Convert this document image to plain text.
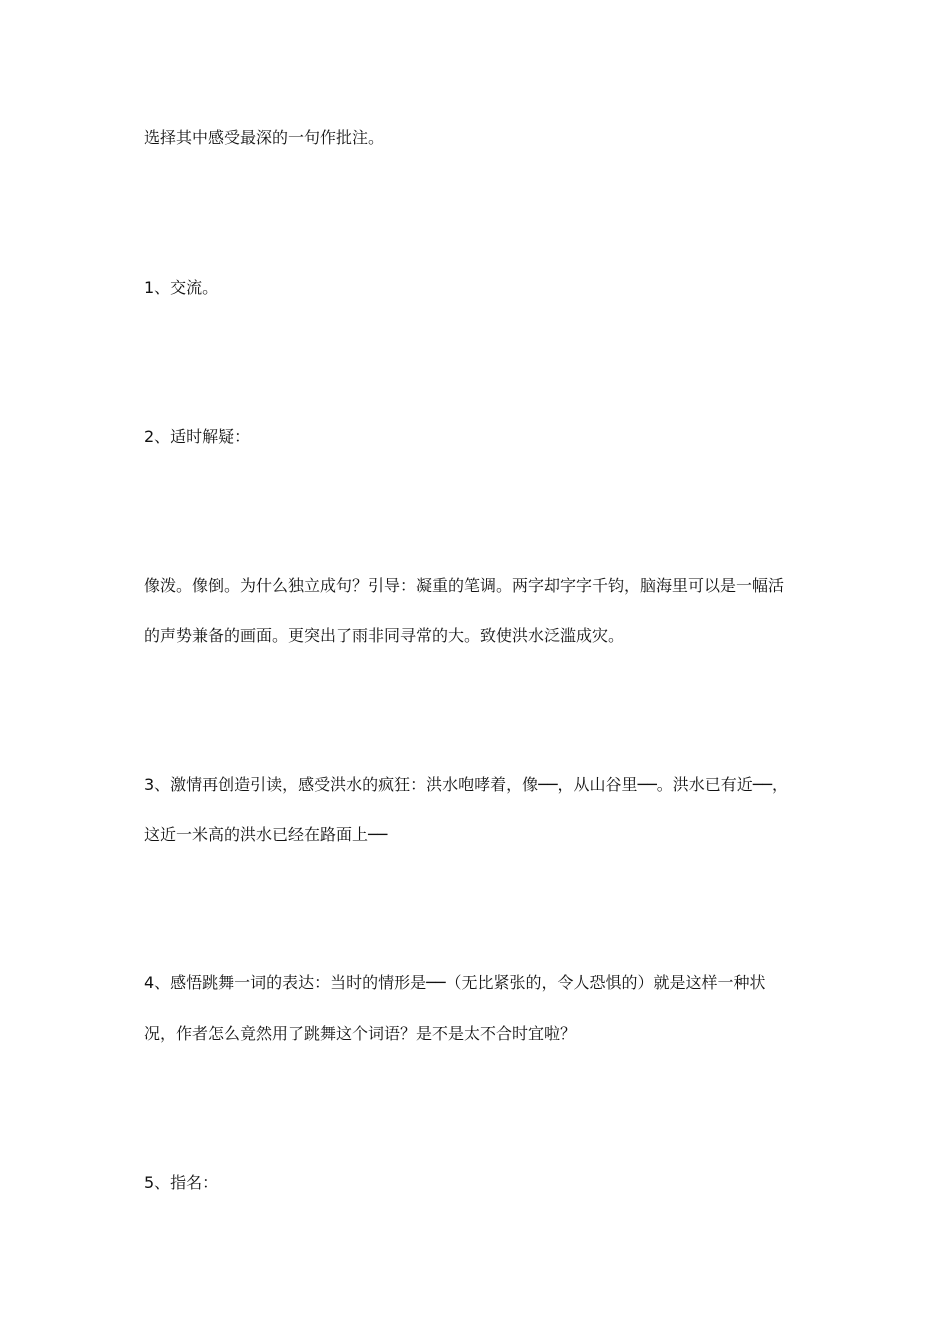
选择其中感受最深的一句作批注。
1、交流。
2、适时解疑：
像泼。像倒。为什么独立成句？引导：凝重的笔调。两字却字字千钧，脑海里可以是一幅活
的声势兼备的画面。更突出了雨非同寻常的大。致使洪水泛滥成灾。
3、激情再创造引读，感受洪水的疯狂：洪水咆哮着，像──，从山谷里──。洪水已有近──，
这近一米高的洪水已经在路面上──
4、感悟跳舞一词的表达：当时的情形是──（无比紧张的，令人恐惧的）就是这样一种状
况，作者怎么竟然用了跳舞这个词语？是不是太不合时宜啦？
5、指名：
